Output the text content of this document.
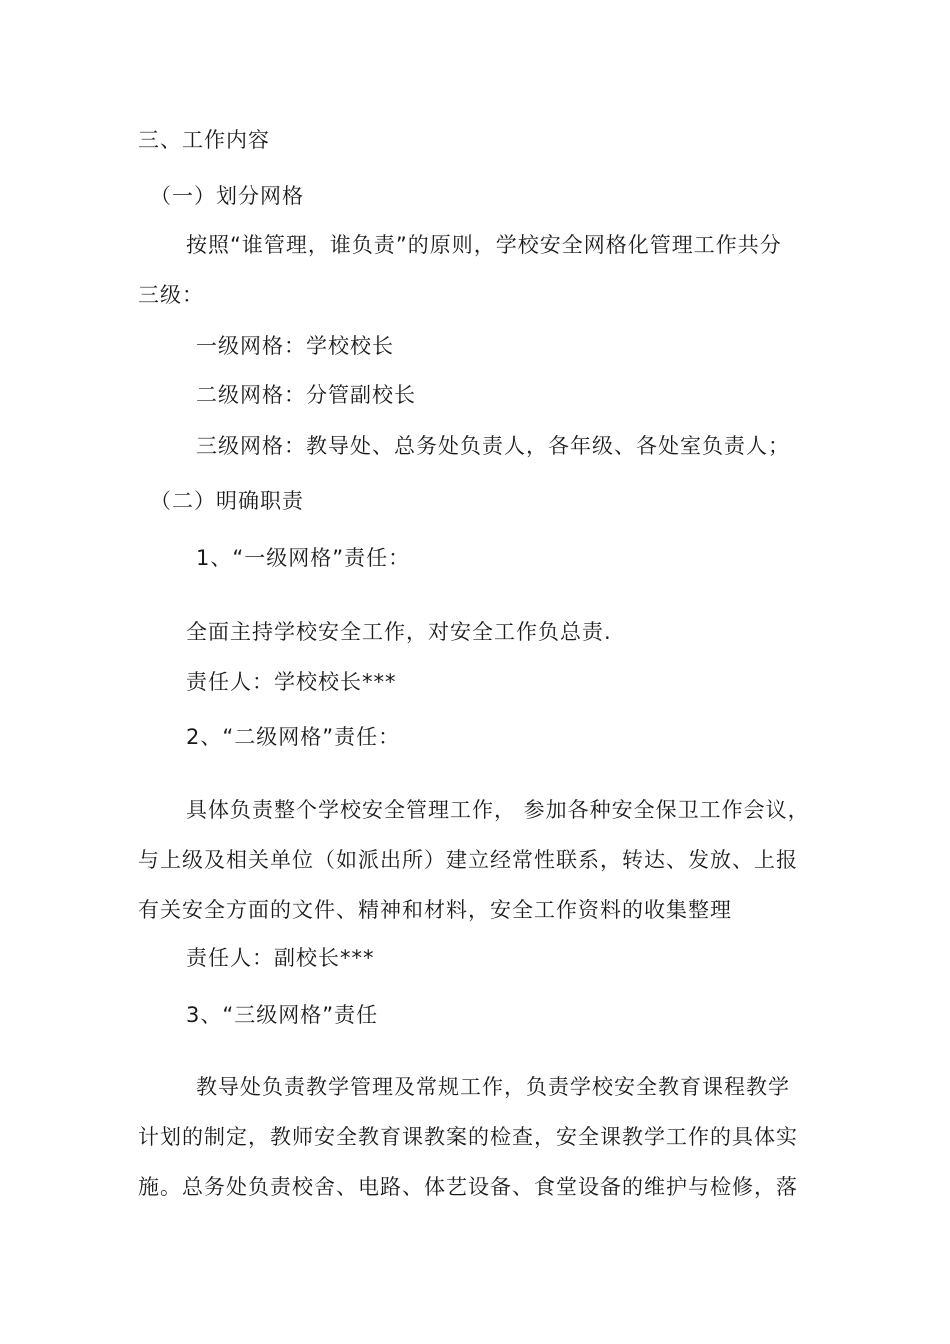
三、工作内容
（一）划分网格
按照“谁管理，谁负责”的原则，学校安全网格化管理工作共分
三级：
一级网格：学校校长
二级网格：分管副校长
三级网格：教导处、总务处负责人，各年级、各处室负责人；
（二）明确职责
1、“一级网格”责任：
全面主持学校安全工作，对安全工作负总责.
责任人：学校校长***
2、“二级网格”责任：
具体负责整个学校安全管理工作， 参加各种安全保卫工作会议，
与上级及相关单位（如派出所）建立经常性联系，转达、发放、上报
有关安全方面的文件、精神和材料，安全工作资料的收集整理
责任人：副校长***
3、“三级网格”责任
教导处负责教学管理及常规工作，负责学校安全教育课程教学
计划的制定，教师安全教育课教案的检查，安全课教学工作的具体实
施。总务处负责校舍、电路、体艺设备、食堂设备的维护与检修，落
